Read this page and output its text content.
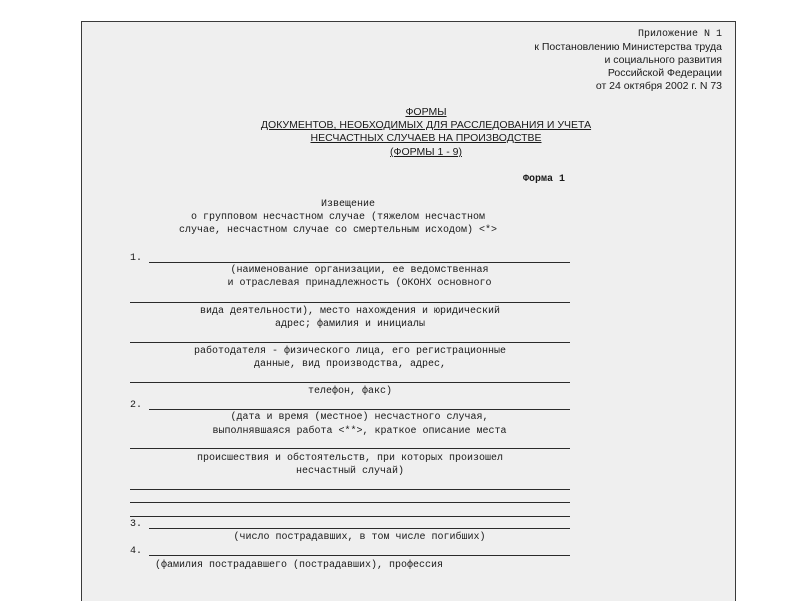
Приложение N 1
к Постановлению Министерства труда
и социального развития
Российской Федерации
от 24 октября 2002 г. N 73
ФОРМЫ
ДОКУМЕНТОВ, НЕОБХОДИМЫХ ДЛЯ РАССЛЕДОВАНИЯ И УЧЕТА
НЕСЧАСТНЫХ СЛУЧАЕВ НА ПРОИЗВОДСТВЕ
(ФОРМЫ 1 - 9)
Форма 1
Извещение
о групповом несчастном случае (тяжелом несчастном
случае, несчастном случае со смертельным исходом) <*>
1.
(наименование организации, ее ведомственная
и отраслевая принадлежность (ОКОНХ основного
вида деятельности), место нахождения и юридический
адрес; фамилия и инициалы
работодателя - физического лица, его регистрационные
данные, вид производства, адрес,
телефон, факс)
2.
(дата и время (местное) несчастного случая,
выполнявшаяся работа <**>, краткое описание места
происшествия и обстоятельств, при которых произошел
несчастный случай)
3.
(число пострадавших, в том числе погибших)
4.
(фамилия пострадавшего (пострадавших), профессия
